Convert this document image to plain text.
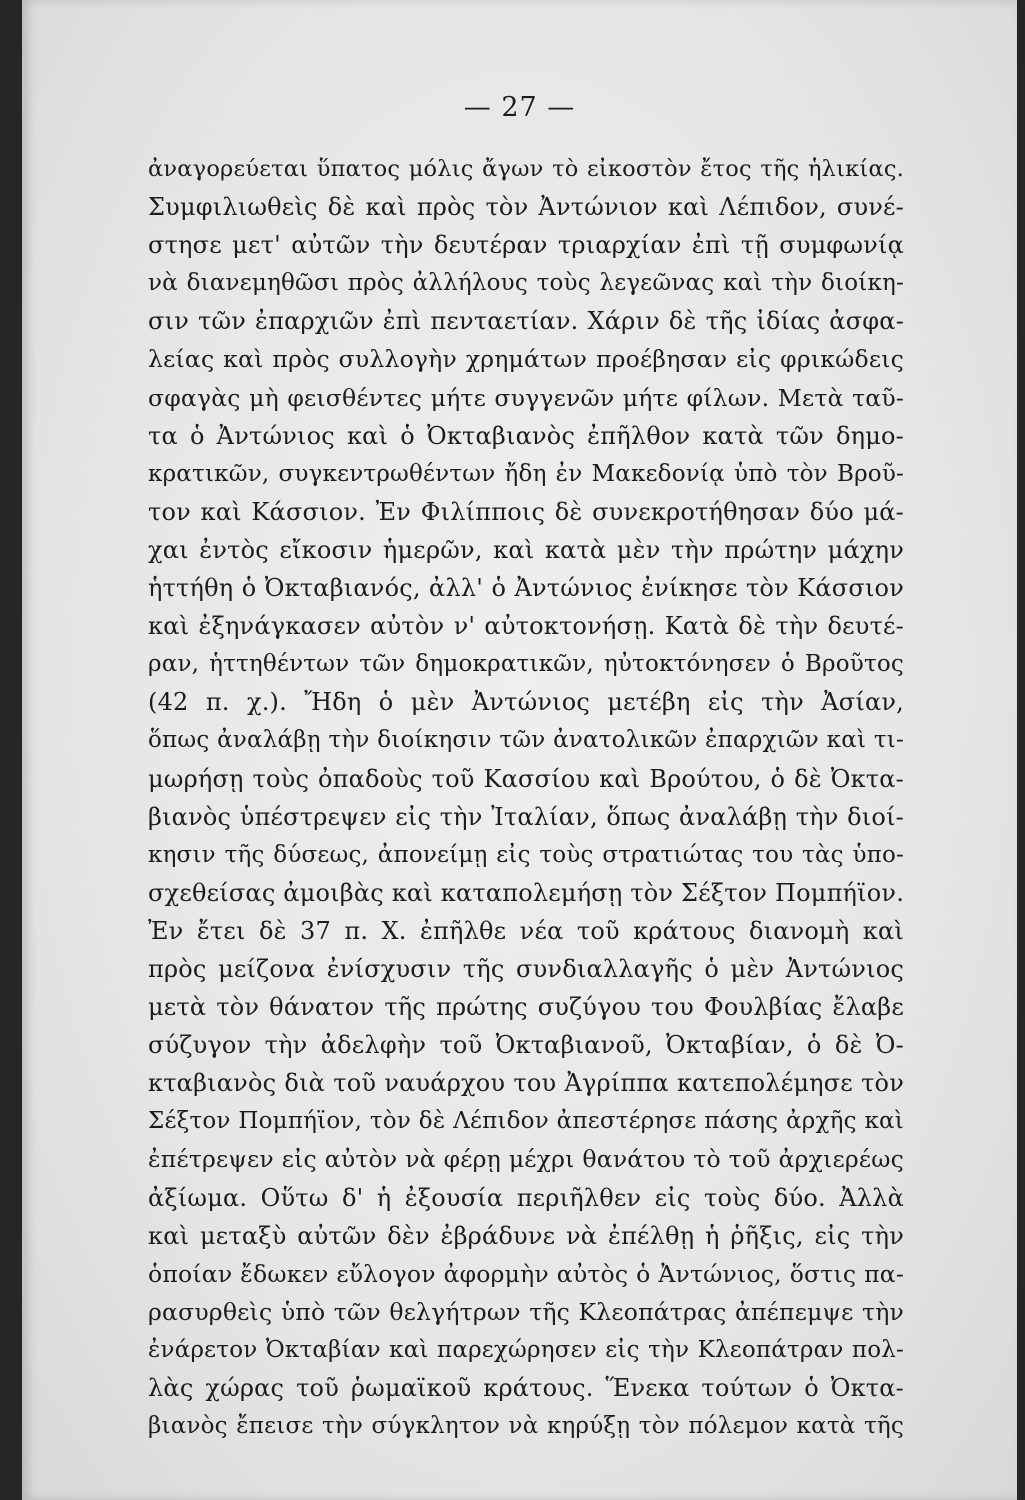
— 27 —
ἀναγορεύεται ὕπατος μόλις ἄγων τὸ εἰκοστὸν ἔτος τῆς ἡλικίας.
Συμφιλιωθεὶς δὲ καὶ πρὸς τὸν Ἀντώνιον καὶ Λέπιδον, συνέ-
στησε μετ' αὐτῶν τὴν δευτέραν τριαρχίαν ἐπὶ τῇ συμφωνίᾳ
νὰ διανεμηθῶσι πρὸς ἀλλήλους τοὺς λεγεῶνας καὶ τὴν διοίκη-
σιν τῶν ἐπαρχιῶν ἐπὶ πενταετίαν. Χάριν δὲ τῆς ἰδίας ἀσφα-
λείας καὶ πρὸς συλλογὴν χρημάτων προέβησαν εἰς φρικώδεις
σφαγὰς μὴ φεισθέντες μήτε συγγενῶν μήτε φίλων. Μετὰ ταῦ-
τα ὁ Ἀντώνιος καὶ ὁ Ὀκταβιανὸς ἐπῆλθον κατὰ τῶν δημο-
κρατικῶν, συγκεντρωθέντων ἤδη ἐν Μακεδονίᾳ ὑπὸ τὸν Βροῦ-
τον καὶ Κάσσιον. Ἐν Φιλίπποις δὲ συνεκροτήθησαν δύο μά-
χαι ἐντὸς εἴκοσιν ἡμερῶν, καὶ κατὰ μὲν τὴν πρώτην μάχην
ἡττήθη ὁ Ὀκταβιανός, ἀλλ' ὁ Ἀντώνιος ἐνίκησε τὸν Κάσσιον
καὶ ἐξηνάγκασεν αὐτὸν ν' αὐτοκτονήσῃ. Κατὰ δὲ τὴν δευτέ-
ραν, ἡττηθέντων τῶν δημοκρατικῶν, ηὐτοκτόνησεν ὁ Βροῦτος
(42 π. χ.). Ἤδη ὁ μὲν Ἀντώνιος μετέβη εἰς τὴν Ἀσίαν,
ὅπως ἀναλάβῃ τὴν διοίκησιν τῶν ἀνατολικῶν ἐπαρχιῶν καὶ τι-
μωρήσῃ τοὺς ὀπαδοὺς τοῦ Κασσίου καὶ Βρούτου, ὁ δὲ Ὀκτα-
βιανὸς ὑπέστρεψεν εἰς τὴν Ἰταλίαν, ὅπως ἀναλάβῃ τὴν διοί-
κησιν τῆς δύσεως, ἀπονείμῃ εἰς τοὺς στρατιώτας του τὰς ὑπο-
σχεθείσας ἀμοιβὰς καὶ καταπολεμήσῃ τὸν Σέξτον Πομπήϊον.
Ἐν ἔτει δὲ 37 π. Χ. ἐπῆλθε νέα τοῦ κράτους διανομὴ καὶ
πρὸς μείζονα ἐνίσχυσιν τῆς συνδιαλλαγῆς ὁ μὲν Ἀντώνιος
μετὰ τὸν θάνατον τῆς πρώτης συζύγου του Φουλβίας ἔλαβε
σύζυγον τὴν ἀδελφὴν τοῦ Ὀκταβιανοῦ, Ὀκταβίαν, ὁ δὲ Ὀ-
κταβιανὸς διὰ τοῦ ναυάρχου του Ἀγρίππα κατεπολέμησε τὸν
Σέξτον Πομπήϊον, τὸν δὲ Λέπιδον ἀπεστέρησε πάσης ἀρχῆς καὶ
ἐπέτρεψεν εἰς αὐτὸν νὰ φέρῃ μέχρι θανάτου τὸ τοῦ ἀρχιερέως
ἀξίωμα. Οὕτω δ' ἡ ἐξουσία περιῆλθεν εἰς τοὺς δύο. Ἀλλὰ
καὶ μεταξὺ αὐτῶν δὲν ἐβράδυνε νὰ ἐπέλθῃ ἡ ῥῆξις, εἰς τὴν
ὁποίαν ἔδωκεν εὔλογον ἀφορμὴν αὐτὸς ὁ Ἀντώνιος, ὅστις πα-
ρασυρθεὶς ὑπὸ τῶν θελγήτρων τῆς Κλεοπάτρας ἀπέπεμψε τὴν
ἐνάρετον Ὀκταβίαν καὶ παρεχώρησεν εἰς τὴν Κλεοπάτραν πολ-
λὰς χώρας τοῦ ῥωμαϊκοῦ κράτους. Ἕνεκα τούτων ὁ Ὀκτα-
βιανὸς ἔπεισε τὴν σύγκλητον νὰ κηρύξῃ τὸν πόλεμον κατὰ τῆς
